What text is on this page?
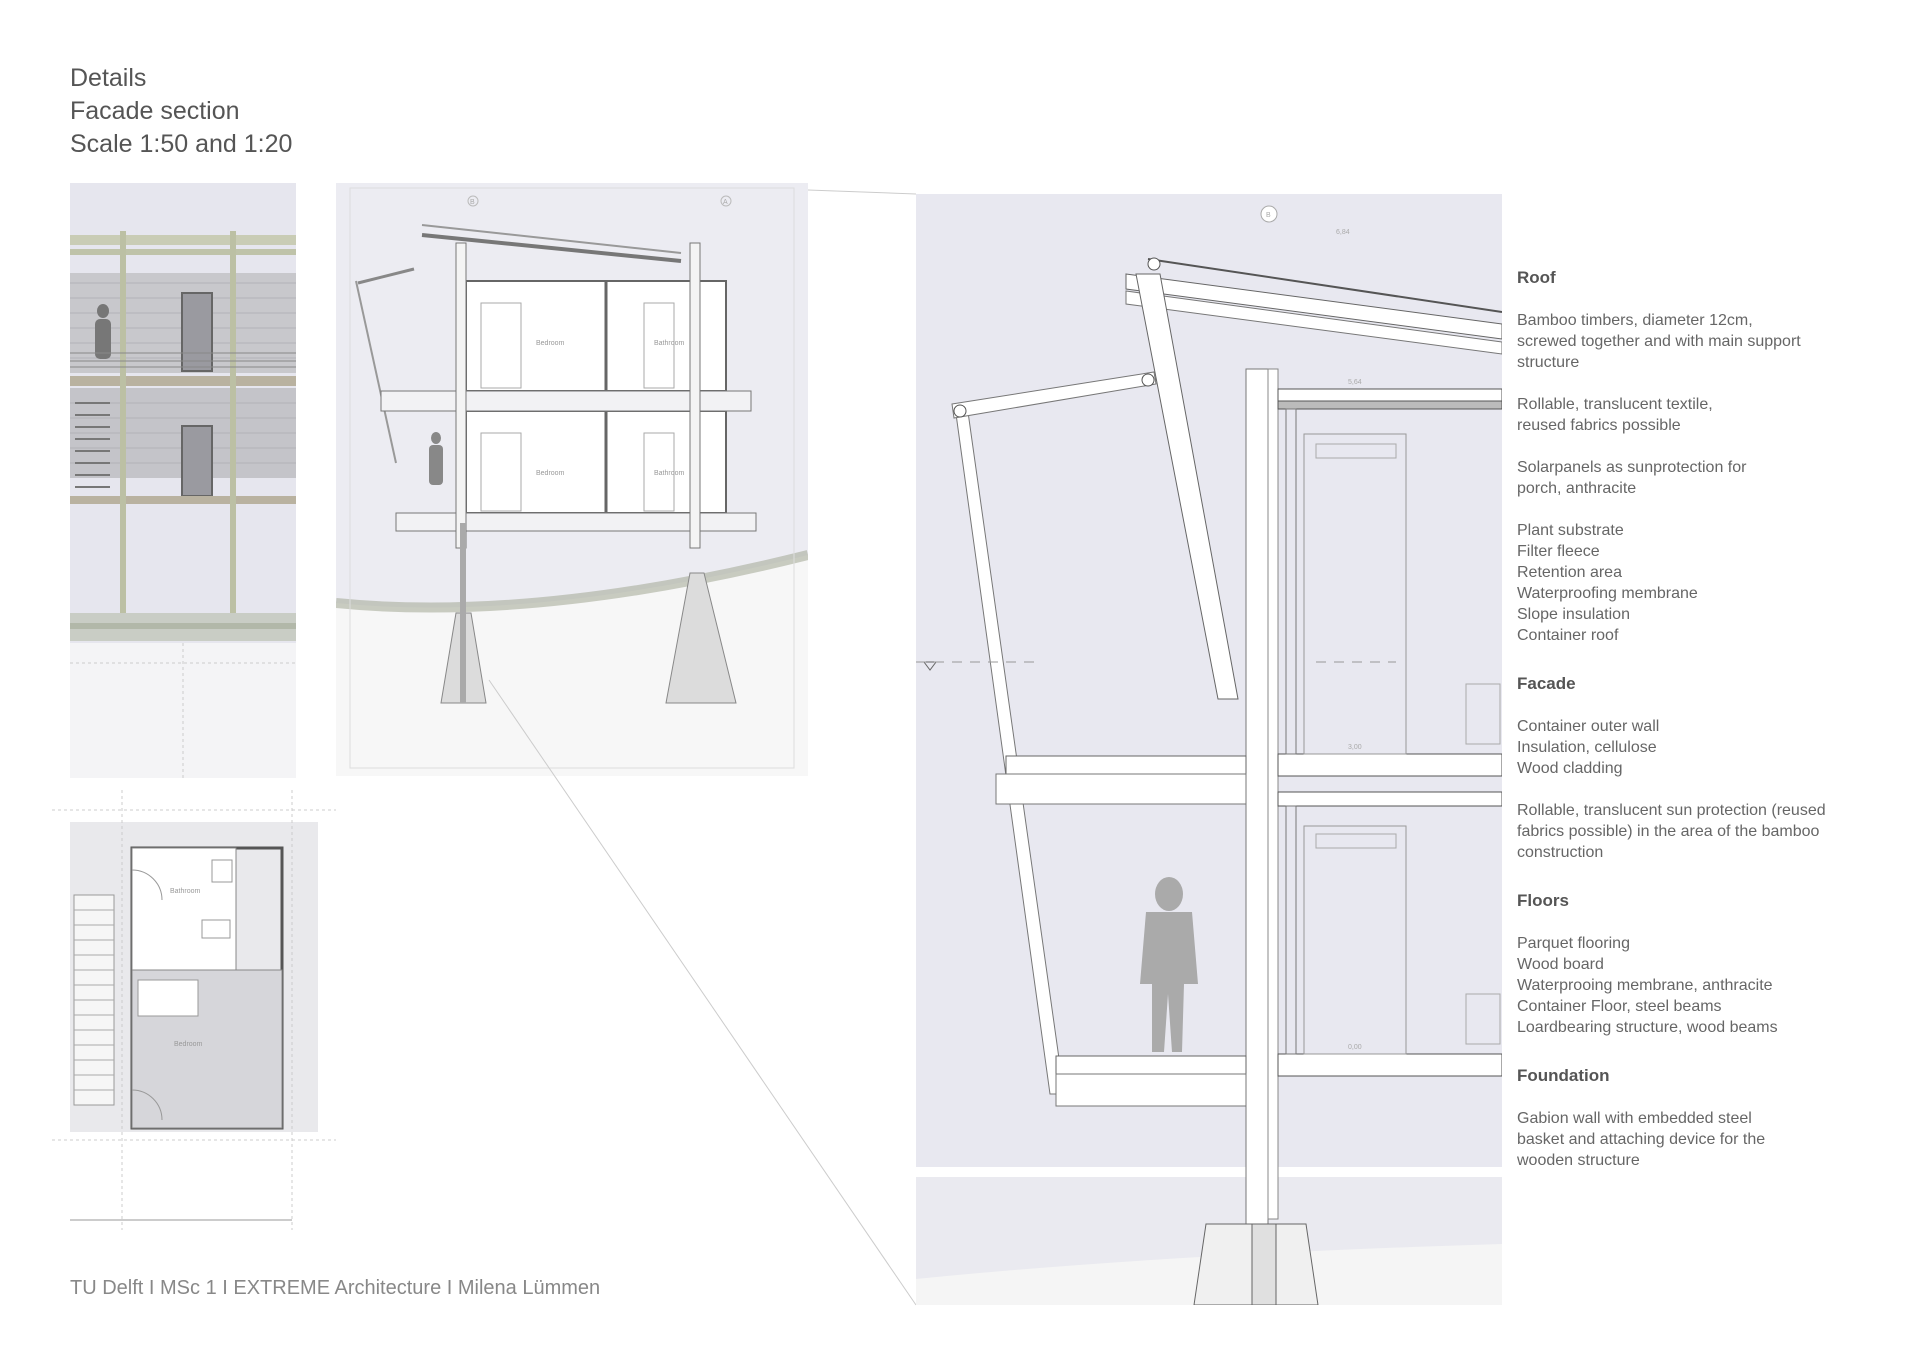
Details
Facade section
Scale 1:50 and 1:20
Bedroom	Bathroom
Bedroom	Bathroom
B	A
Bathroom
Bedroom
3,00
0,00
5,64
6,84
B
Roof
Bamboo timbers, diameter 12cm,
screwed together and with main support
structure
Rollable, translucent textile,
reused fabrics possible
Solarpanels as sunprotection for
porch, anthracite
Plant substrate
Filter fleece
Retention area
Waterproofing membrane
Slope insulation
Container roof
Facade
Container outer wall
Insulation, cellulose
Wood cladding
Rollable, translucent sun protection (reused
fabrics possible) in the area of the bamboo
construction
Floors
Parquet flooring
Wood board
Waterprooing membrane, anthracite
Container Floor, steel beams
Loardbearing structure, wood beams
Foundation
Gabion wall with embedded steel
basket and attaching device for the
wooden structure
TU Delft I MSc 1 I EXTREME Architecture I Milena Lümmen
